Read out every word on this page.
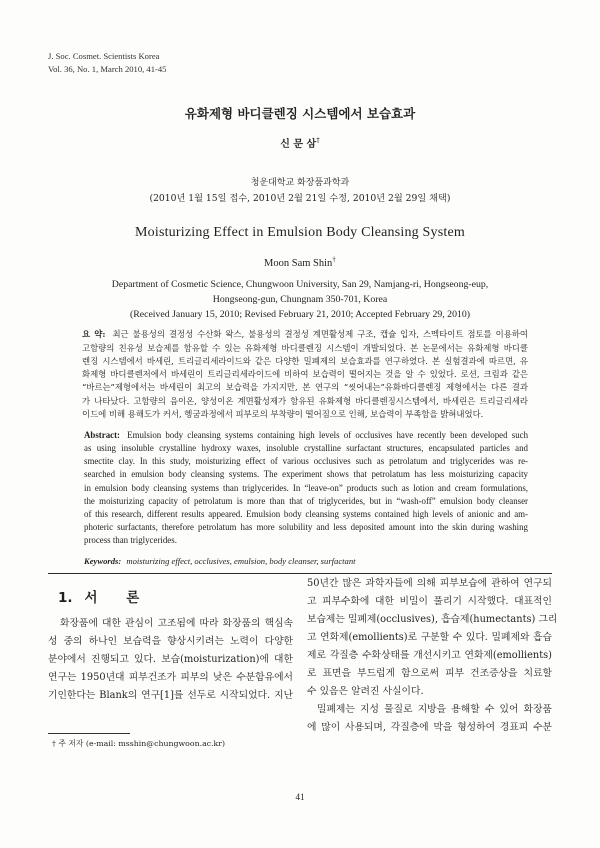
J. Soc. Cosmet. Scientists Korea
Vol. 36, No. 1, March 2010, 41-45
유화제형 바디클렌징 시스템에서 보습효과
신 문 삼†
청운대학교 화장품과학과
(2010년 1월 15일 접수, 2010년 2월 21일 수정, 2010년 2월 29일 채택)
Moisturizing Effect in Emulsion Body Cleansing System
Moon Sam Shin†
Department of Cosmetic Science, Chungwoon University, San 29, Namjang-ri, Hongseong-eup,
Hongseong-gun, Chungnam 350-701, Korea
(Received January 15, 2010; Revised February 21, 2010; Accepted February 29, 2010)
요 약: 최근 불용성의 결정성 수산화 왁스, 불용성의 결정성 계면활성제 구조, 캡슐 입자, 스멕타이트 점토를 이용하여
고함량의 친유성 보습제를 함유할 수 있는 유화제형 바디클렌징 시스템이 개발되었다. 본 논문에서는 유화제형 바디클
렌징 시스템에서 바세린, 트리글리세라이드와 같은 다양한 밀폐제의 보습효과를 연구하였다. 본 실험결과에 따르면, 유
화제형 바디클렌저에서 바세린이 트리글리세라이드에 비하여 보습력이 떨어지는 것을 알 수 있었다. 로션, 크림과 같은
“바르는”제형에서는 바세린이 최고의 보습력을 가지지만, 본 연구의 “씻어내는”유화바디클렌징 제형에서는 다른 결과
가 나타났다. 고함량의 음이온, 양성이온 계면활성제가 함유된 유화제형 바디클렌징시스템에서, 바세린은 트리글리세라
이드에 비해 용해도가 커서, 헹굼과정에서 피부로의 부착량이 떨어짐으로 인해, 보습력이 부족함을 밝혀내었다.
Abstract: Emulsion body cleansing systems containing high levels of occlusives have recently been developed such
as using insoluble crystalline hydroxy waxes, insoluble crystalline surfactant structures, encapsulated particles and
smectite clay. In this study, moisturizing effect of various occlusives such as petrolatum and triglycerides was re-
searched in emulsion body cleansing systems. The experiment shows that petrolatum has less moisturizing capacity
in emulsion body cleansing systems than triglycerides. In “leave-on” products such as lotion and cream formulations,
the moisturizing capacity of petrolatum is more than that of triglycerides, but in “wash-off” emulsion body cleanser
of this research, different results appeared. Emulsion body cleansing systems contained high levels of anionic and am-
photeric surfactants, therefore petrolatum has more solubility and less deposited amount into the skin during washing
process than triglycerides.
Keywords: moisturizing effect, occlusives, emulsion, body cleanser, surfactant
1. 서 론
화장품에 대한 관심이 고조됨에 따라 화장품의 핵심속
성 중의 하나인 보습력을 향상시키려는 노력이 다양한
분야에서 진행되고 있다. 보습(moisturization)에 대한
연구는 1950년대 피부건조가 피부의 낮은 수분함유에서
기인한다는 Blank의 연구[1]를 선두로 시작되었다. 지난
50년간 많은 과학자들에 의해 피부보습에 관하여 연구되
고 피부수화에 대한 비밀이 풀리기 시작했다. 대표적인
보습제는 밀폐제(occlusives), 흡습제(humectants) 그리
고 연화제(emollients)로 구분할 수 있다. 밀폐제와 흡습
제로 각질층 수화상태를 개선시키고 연화제(emollients)
로 표면을 부드럽게 함으로써 피부 건조증상을 치료할
수 있음은 알려진 사실이다.
밀폐제는 지성 물질로 지방을 용해할 수 있어 화장품
에 많이 사용되며, 각질층에 막을 형성하여 경표피 수분
† 주 저자 (e-mail: msshin@chungwoon.ac.kr)
41
